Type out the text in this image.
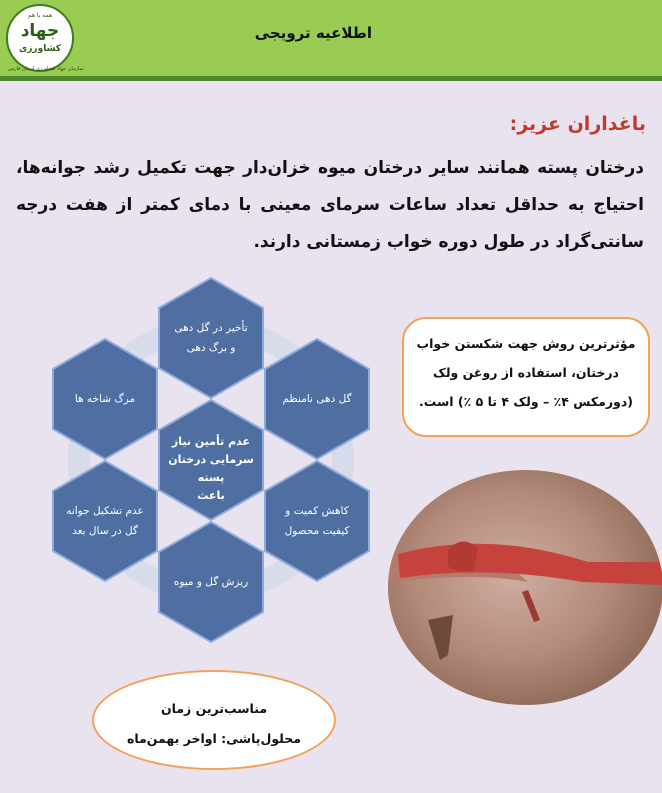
همه با هم
جهاد
کشاورزی
سازمان جهاد کشاورزی استان فارس
اطلاعیه ترویجی
باغداران عزیز:
درختان پسته همانند سایر درختان میوه خزان‌دار جهت تکمیل رشد جوانه‌ها، احتیاج به حداقل تعداد ساعات سرمای معینی با دمای کمتر از هفت درجه سانتی‌گراد در طول دوره خواب زمستانی دارند.
تأخیر در گل دهی
و برگ دهی
گل دهی نامنظم
کاهش کمیت و
کیفیت محصول
ریزش گل و میوه
عدم تشکیل جوانه
گل در سال بعد
مرگ شاخه ها
عدم تأمین نیاز
سرمایی درختان پسته
باعث
مؤثرترین روش جهت شکستن خواب
درختان، استفاده از روغن ولک
(دورمکس ۴٪ – ولک ۴ تا ۵ ٪) است.
مناسب‌ترین زمان
محلول‌پاشی: اواخر بهمن‌ماه
